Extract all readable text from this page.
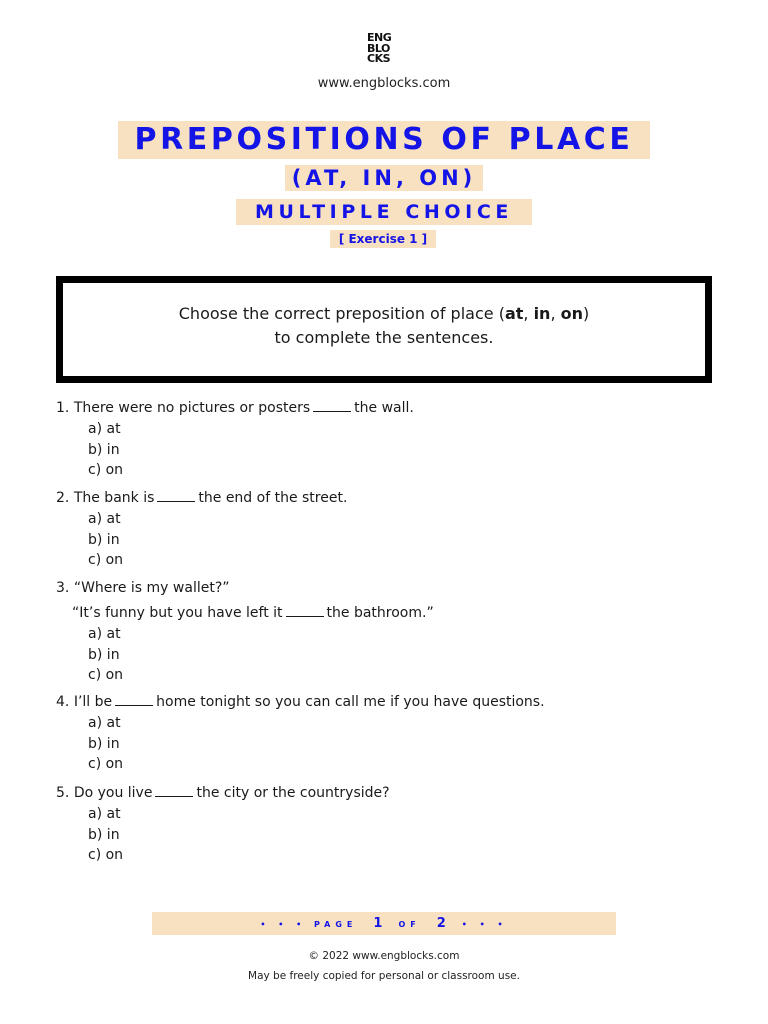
ENG
BLO
CKS
www.engblocks.com
PREPOSITIONS OF PLACE
(AT, IN, ON)
MULTIPLE CHOICE
[ Exercise 1 ]
Choose the correct preposition of place (at, in, on)
to complete the sentences.
1. There were no pictures or posters	the wall.
a) at
b) in
c) on
2. The bank is	the end of the street.
a) at
b) in
c) on
3. “Where is my wallet?”
“It’s funny but you have left it	the bathroom.”
a) at
b) in
c) on
4. I’ll be	home tonight so you can call me if you have questions.
a) at
b) in
c) on
5. Do you live	the city or the countryside?
a) at
b) in
c) on
• • • PAGE 1 OF 2 • • •
© 2022 www.engblocks.com
May be freely copied for personal or classroom use.
